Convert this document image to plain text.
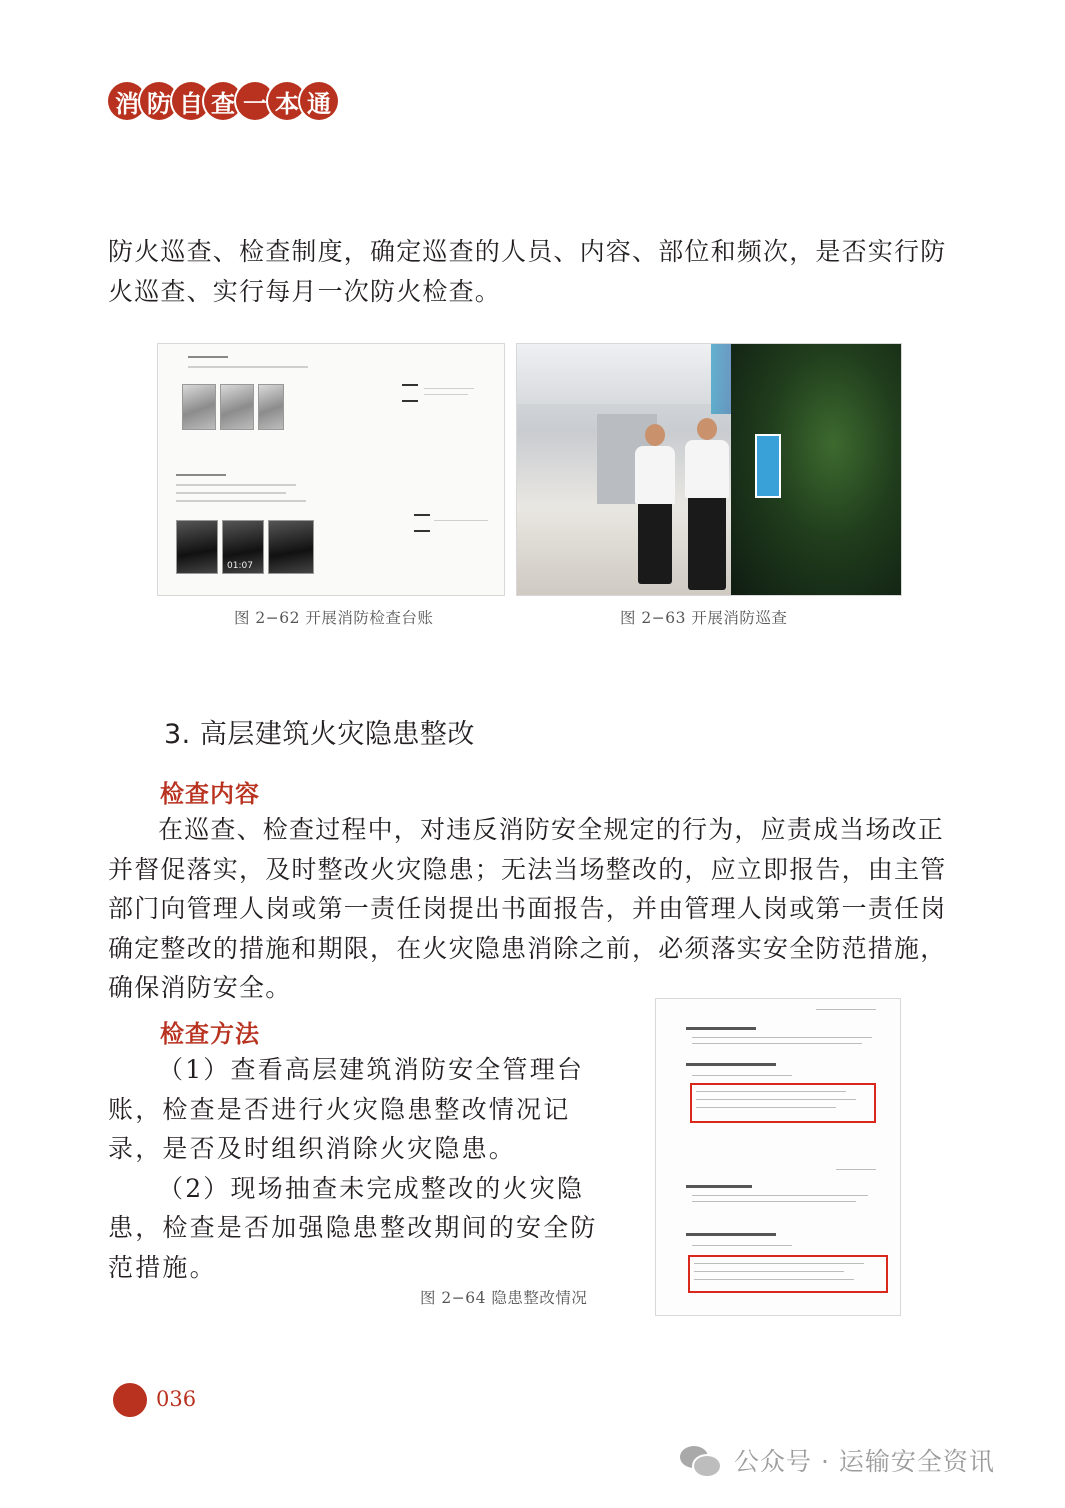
消 防 自 查 一 本 通
防火巡查、检查制度，确定巡查的人员、内容、部位和频次，是否实行防
火巡查、实行每月一次防火检查。
01:07
图 2−62 开展消防检查台账	图 2−63 开展消防巡查
3. 高层建筑火灾隐患整改
检查内容
在巡查、检查过程中，对违反消防安全规定的行为，应责成当场改正
并督促落实，及时整改火灾隐患；无法当场整改的，应立即报告，由主管
部门向管理人岗或第一责任岗提出书面报告，并由管理人岗或第一责任岗
确定整改的措施和期限，在火灾隐患消除之前，必须落实安全防范措施，
确保消防安全。
检查方法
（1）查看高层建筑消防安全管理台
账，检查是否进行火灾隐患整改情况记
录，是否及时组织消除火灾隐患。
（2）现场抽查未完成整改的火灾隐
患，检查是否加强隐患整改期间的安全防
范措施。
图 2−64 隐患整改情况
036
公众号 · 运输安全资讯
